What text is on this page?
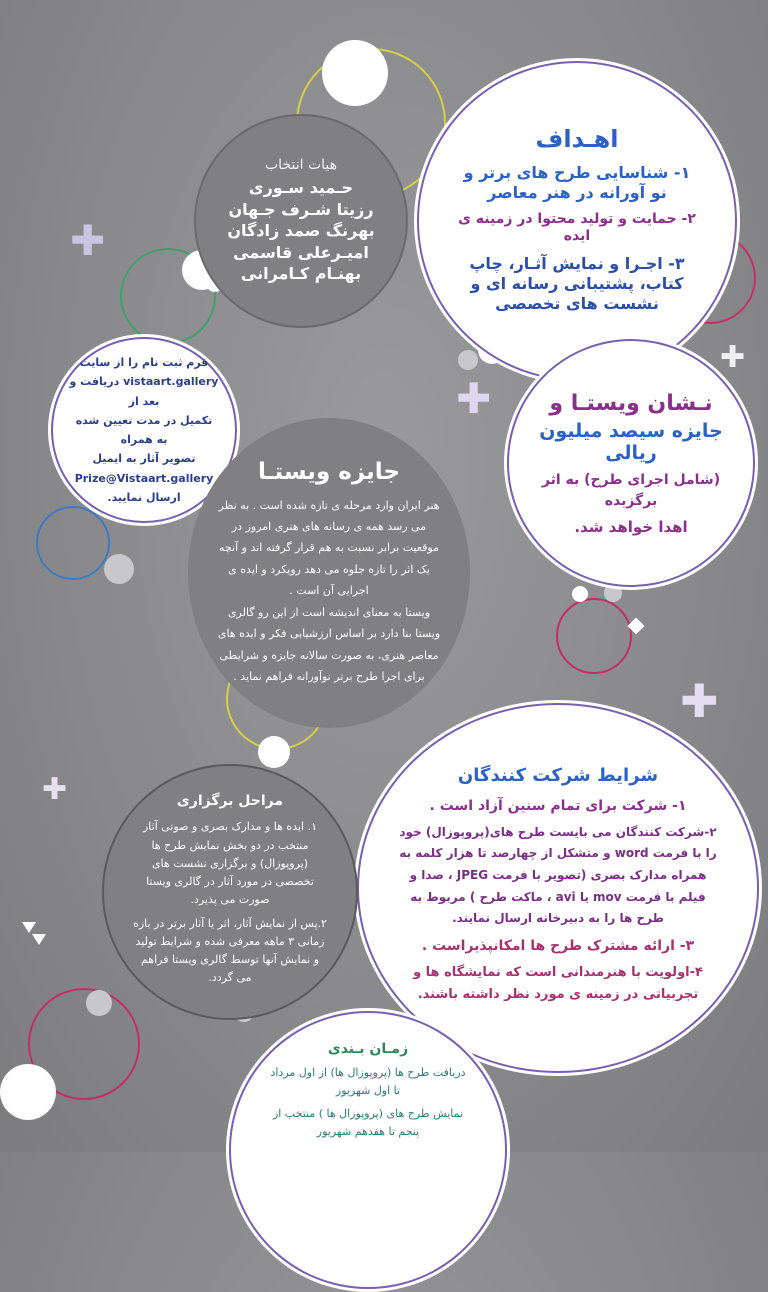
✚
✚
✚
✚
✚
اهـداف
۱- شناسایی طرح های برتر و نو آورانه در هنر معاصر
۲- حمایت و تولید محتوا در زمینه ی ایده
۳- اجـرا و نمایش آثـار، چاپ کتاب، پشتیبانی رسانه ای و نشست های تخصصی
هیات انتخاب
حـمید سـوری
رزیتا شـرف جـهان
بهرنگ صمد زادگان
امیـرعلی قاسمی
بهنـام کـامرانی

فرم ثبت نام را از سایت

vistaart.gallery دریافت و بعد از

تکمیل در مدت تعیین شده به همراه

تصویر آثار به ایمیل

Prize@Vistaart.gallery

ارسال نمایید.

نـشان ویستـا و
جایزه سیصد میلیون ریالی
(شامل اجرای طرح) به اثر برگزیده
اهدا خواهد شد.
جایزه ویستـا

هنر ایران وارد مرحله ی تازه شده است . به نظر می رسد همه ی رسانه های هنری امروز در موقعیت برابر نسبت به هم قرار گرفته اند و آنچه یک اثر را تازه جلوه می دهد رویکرد و ایده ی اجرایی آن است .

ویستا به معنای اندیشه است از این رو گالری ویستا بنا دارد بر اساس ارزشیابی فکر و ایده های معاصر هنری، به صورت سالانه جایزه و شرایطی برای اجرا طرح برتر نوآورانه فراهم نماید .

شرایط شرکت کنندگان
۱- شرکت برای تمام سنین آزاد است .
۲-شرکت کنندگان می بایست طرح های(پروپوزال) خود را با فرمت word و متشکل از چهارصد تا هزار کلمه به همراه مدارک بصری (تصویر با فرمت JPEG ، صدا و فیلم با فرمت mov یا avi ، ماکت طرح ) مربوط به طرح ها را به دبیرخانه ارسال نمایند.
۳- ارائه مشترک طرح ها امکانپذیراست .
۴-اولویت با هنرمندانی است که نمایشگاه ها و تجربیاتی در زمینه ی مورد نظر داشته باشند.
مراحل برگزاری

۱. ایده ها و مدارک بصری و صوتی آثار منتخب در دو بخش نمایش طرح ها (پروپوزال) و برگزاری نشست های تخصصی در مورد آثار در گالری ویستا صورت می پذیرد.

۲.پس از نمایش آثار، اثر یا آثار برتر در بازه زمانی ۳ ماهه معرفی شده و شرایط تولید و نمایش آنها توسط گالری ویستا فراهم می گردد.

زمـان بـندی

دریافت طرح ها (پروپوزال ها) از اول مرداد تا اول شهریور

نمایش طرح های (پروپوزال ها ) منتخب از پنجم تا هفدهم شهریور
